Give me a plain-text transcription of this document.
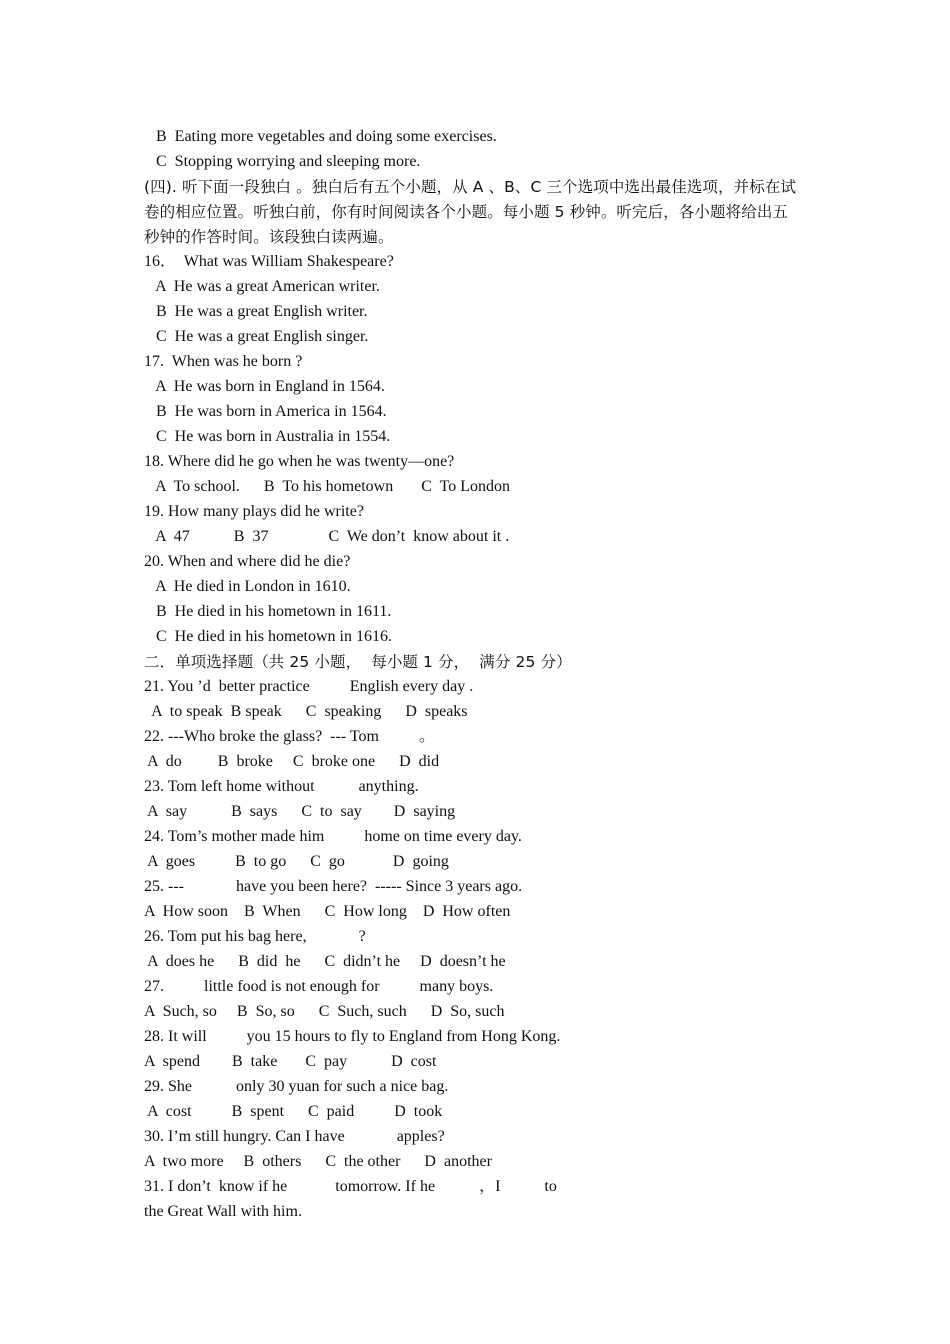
B  Eating more vegetables and doing some exercises.
C  Stopping worrying and sleeping more.
(四). 听下面一段独白 。独白后有五个小题，从 A 、B、C 三个选项中选出最佳选项，并标在试
卷的相应位置。听独白前，你有时间阅读各个小题。每小题 5 秒钟。听完后，各小题将给出五
秒钟的作答时间。该段独白读两遍。
16．  What was William Shakespeare?
A  He was a great American writer.
B  He was a great English writer.
C  He was a great English singer.
17.  When was he born ?
A  He was born in England in 1564.
B  He was born in America in 1564.
C  He was born in Australia in 1554.
18. Where did he go when he was twenty—one?
A  To school.      B  To his hometown       C  To London
19. How many plays did he write?
A  47           B  37               C  We don’t  know about it .
20. When and where did he die?
A  He died in London in 1610.
B  He died in his hometown in 1611.
C  He died in his hometown in 1616.
二．单项选择题（共 25 小题，  每小题 1 分，  满分 25 分）
21. You ’d  better practice          English every day .
A  to speak  B speak      C  speaking      D  speaks
22. ---Who broke the glass?  --- Tom          。
A  do         B  broke     C  broke one      D  did
23. Tom left home without           anything.
A  say           B  says      C  to  say        D  saying
24. Tom’s mother made him          home on time every day.
A  goes          B  to go      C  go            D  going
25. ---             have you been here?  ----- Since 3 years ago.
A  How soon    B  When      C  How long    D  How often
26. Tom put his bag here,             ?
A  does he      B  did  he      C  didn’t he     D  doesn’t he
27.          little food is not enough for          many boys.
A  Such, so     B  So, so      C  Such, such      D  So, such
28. It will          you 15 hours to fly to England from Hong Kong.
A  spend        B  take       C  pay           D  cost
29. She           only 30 yuan for such a nice bag.
A  cost          B  spent      C  paid          D  took
30. I’m still hungry. Can I have             apples?
A  two more     B  others      C  the other      D  another
31. I don’t  know if he            tomorrow. If he           ，I           to
the Great Wall with him.
